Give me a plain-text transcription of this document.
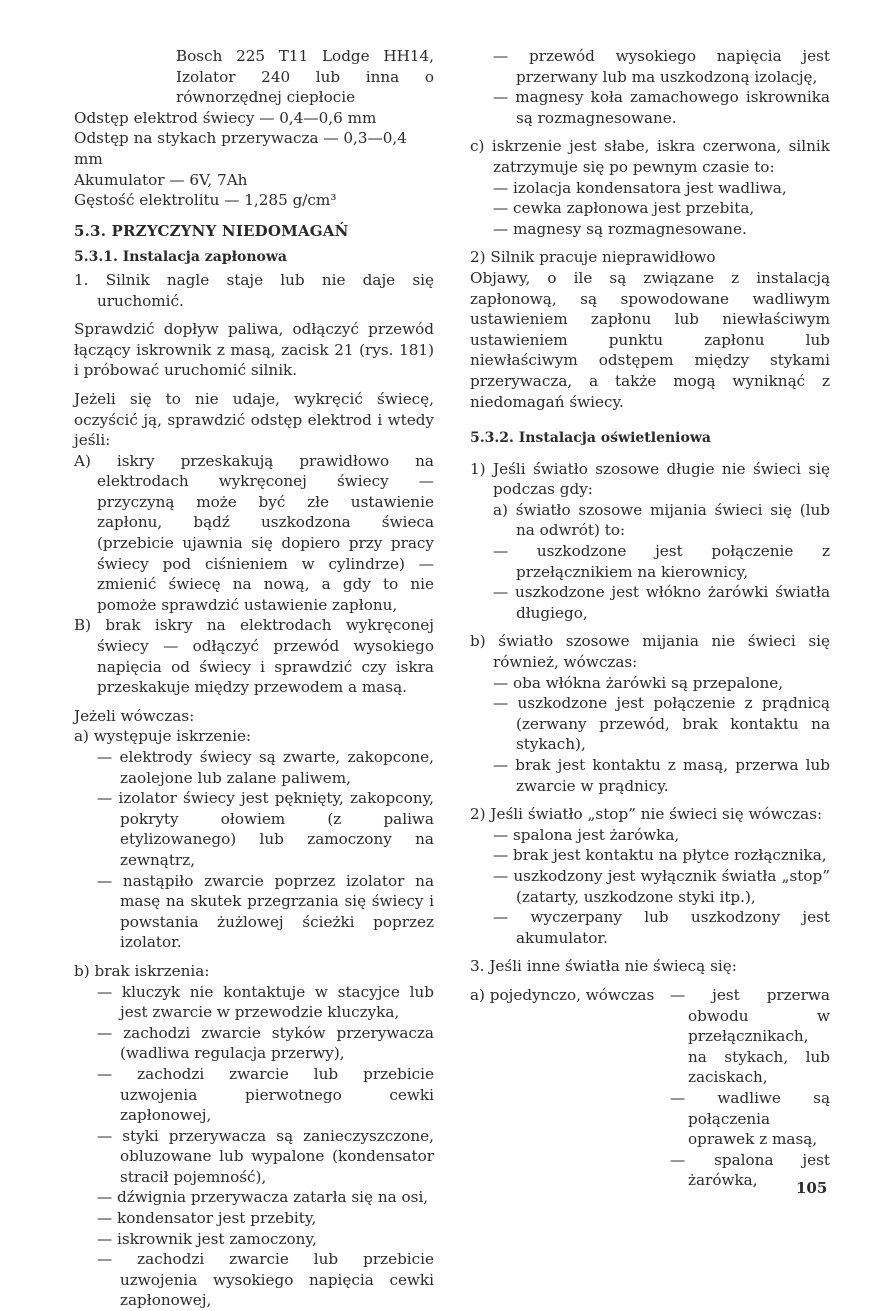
Bosch 225 T11 Lodge HH14, Izolator 240 lub inna o równorzędnej ciepłocie

Odstęp elektrod świecy — 0,4—0,6 mm

Odstęp na stykach przerywacza — 0,3—0,4 mm

Akumulator — 6V, 7Ah

Gęstość elektrolitu — 1,285 g/cm³

5.3. PRZYCZYNY NIEDOMAGAŃ
5.3.1. Instalacja zapłonowa

1. Silnik nagle staje lub nie daje się uruchomić.

Sprawdzić dopływ paliwa, odłączyć przewód łączący iskrownik z masą, zacisk 21 (rys. 181) i próbować uruchomić silnik.

Jeżeli się to nie udaje, wykręcić świecę, oczyścić ją, sprawdzić odstęp elektrod i wtedy jeśli:

A) iskry przeskakują prawidłowo na elektrodach wykręconej świecy — przyczyną może być złe ustawienie zapłonu, bądź uszkodzona świeca (przebicie ujawnia się dopiero przy pracy świecy pod ciśnieniem w cylindrze) — zmienić świecę na nową, a gdy to nie pomoże sprawdzić ustawienie zapłonu,

B) brak iskry na elektrodach wykręconej świecy — odłączyć przewód wysokiego napięcia od świecy i sprawdzić czy iskra przeskakuje między przewodem a masą.

Jeżeli wówczas:

a) występuje iskrzenie:

— elektrody świecy są zwarte, zakopcone, zaolejone lub zalane paliwem,

— izolator świecy jest pęknięty, zakopcony, pokryty ołowiem (z paliwa etylizowanego) lub zamoczony na zewnątrz,

— nastąpiło zwarcie poprzez izolator na masę na skutek przegrzania się świecy i powstania żużlowej ścieżki poprzez izolator.

b) brak iskrzenia:

— kluczyk nie kontaktuje w stacyjce lub jest zwarcie w przewodzie kluczyka,

— zachodzi zwarcie styków przerywacza (wadliwa regulacja przerwy),

— zachodzi zwarcie lub przebicie uzwojenia pierwotnego cewki zapłonowej,

— styki przerywacza są zanieczyszczone, obluzowane lub wypalone (kondensator stracił pojemność),

— dźwignia przerywacza zatarła się na osi,

— kondensator jest przebity,

— iskrownik jest zamoczony,

— zachodzi zwarcie lub przebicie uzwojenia wysokiego napięcia cewki zapłonowej,

— przewód wysokiego napięcia jest przerwany lub ma uszkodzoną izolację,

— magnesy koła zamachowego iskrownika są rozmagnesowane.

c) iskrzenie jest słabe, iskra czerwona, silnik zatrzymuje się po pewnym czasie to:

— izolacja kondensatora jest wadliwa,

— cewka zapłonowa jest przebita,

— magnesy są rozmagnesowane.

2) Silnik pracuje nieprawidłowo

Objawy, o ile są związane z instalacją zapłonową, są spowodowane wadliwym ustawieniem zapłonu lub niewłaściwym ustawieniem punktu zapłonu lub niewłaściwym odstępem między stykami przerywacza, a także mogą wyniknąć z niedomagań świecy.

5.3.2. Instalacja oświetleniowa

1) Jeśli światło szosowe długie nie świeci się podczas gdy:

a) światło szosowe mijania świeci się (lub na odwrót) to:

— uszkodzone jest połączenie z przełącznikiem na kierownicy,

— uszkodzone jest włókno żarówki światła długiego,

b) światło szosowe mijania nie świeci się również, wówczas:

— oba włókna żarówki są przepalone,

— uszkodzone jest połączenie z prądnicą (zerwany przewód, brak kontaktu na stykach),

— brak jest kontaktu z masą, przerwa lub zwarcie w prądnicy.

2) Jeśli światło „stop” nie świeci się wówczas:

— spalona jest żarówka,

— brak jest kontaktu na płytce rozłącznika,

— uszkodzony jest wyłącznik światła „stop” (zatarty, uszkodzone styki itp.),

— wyczerpany lub uszkodzony jest akumulator.

3. Jeśli inne światła nie świecą się:

a) pojedynczo, wówczas	— jest przerwa obwodu w przełącznikach, na stykach, lub zaciskach,

— wadliwe są połączenia oprawek z masą,

— spalona jest żarówka,	105
